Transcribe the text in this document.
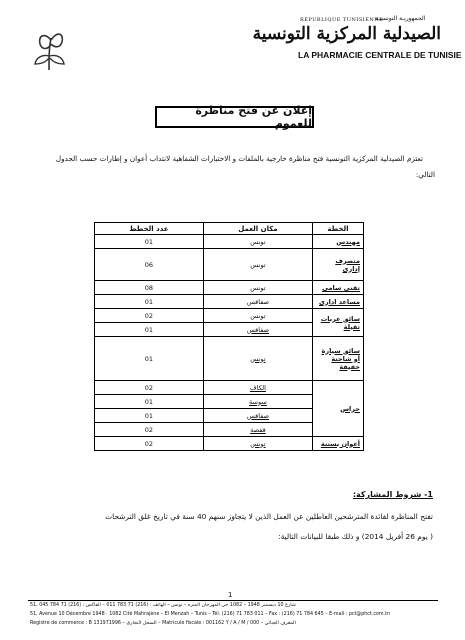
RÉPUBLIQUE TUNISIENNE
الجمهوريـة التونسيـة
الصيدلية المركزية التونسية
LA PHARMACIE CENTRALE DE TUNISIE
إعلان عن فتح مناظرة للعموم
تعتزم الصيدلية المركزية التونسية فتح مناظرة خارجية بالملفات و الاختبارات الشفاهية لانتداب أعوان و إطارات حسب الجدول
التالي:
عدد الخطط	مكان العمل	الخطة
01	تونس	مهندس
06	تونس	متصرف إداري
08	تونس	تقني سامي
01	صفاقس	مساعد اداري
02	تونس	سائق عربات ثقيلة
01	صفاقس	
01	تونس	سائق سيارة أو شاحنة خفيفة
02	الكاف	حراس
01	سوسة	
01	صفاقس	
02	قفصة	
02	تونس	أعوان بستنة
1- شروط المشاركة:
تفتح المناظرة لفائدة المترشحين العاطلين عن العمل الذين لا يتجاوز سنهم 40 سنة في تاريخ غلق الترشحات
( يوم 26 أفريل 2014) و ذلك طبقا للبيانات التالية:
1
51، شارع 10 ديسمبر 1948 – 1082 حي المهرجان المنزه – تونس – الهاتف : (216) 71 783 011 – الفاكس : (216) 71 784 045
51, Avenue 10 Décembre 1948 · 1082 Cité Mahrajène – El Menzah – Tunis – Tél. (216) 71 783 011 – Fax : (216) 71 784 645 – E-mail : pct@phct.com.tn
Registre de commerce : B 131971996 – السجل التجاري – Matricule fiscale : 001162 Y / A / M / 000 – المعرف الجبائي
